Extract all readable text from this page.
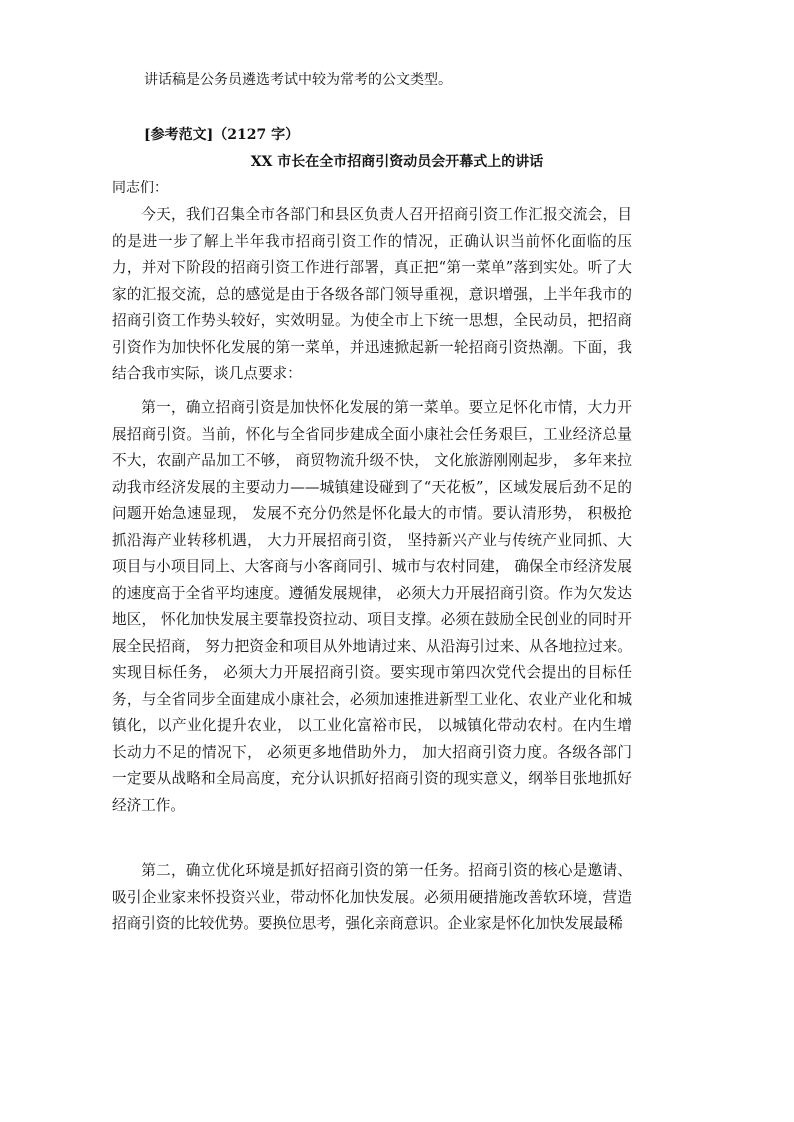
讲话稿是公务员遴选考试中较为常考的公文类型。
[参考范文]（2127 字）
XX 市长在全市招商引资动员会开幕式上的讲话
同志们：

今天，我们召集全市各部门和县区负责人召开招商引资工作汇报交流会，目的是进一步了解上半年我市招商引资工作的情况，正确认识当前怀化面临的压力，并对下阶段的招商引资工作进行部署，真正把“第一菜单”落到实处。听了大家的汇报交流，总的感觉是由于各级各部门领导重视，意识增强，上半年我市的招商引资工作势头较好，实效明显。为使全市上下统一思想，全民动员，把招商引资作为加快怀化发展的第一菜单，并迅速掀起新一轮招商引资热潮。下面，我结合我市实际，谈几点要求：

第一，确立招商引资是加快怀化发展的第一菜单。要立足怀化市情，大力开展招商引资。当前，怀化与全省同步建成全面小康社会任务艰巨，工业经济总量不大，农副产品加工不够， 商贸物流升级不快， 文化旅游刚刚起步， 多年来拉动我市经济发展的主要动力——城镇建设碰到了“天花板”，区域发展后劲不足的问题开始急速显现， 发展不充分仍然是怀化最大的市情。要认清形势， 积极抢抓沿海产业转移机遇， 大力开展招商引资， 坚持新兴产业与传统产业同抓、大项目与小项目同上、大客商与小客商同引、城市与农村同建， 确保全市经济发展的速度高于全省平均速度。遵循发展规律， 必须大力开展招商引资。作为欠发达地区， 怀化加快发展主要靠投资拉动、项目支撑。必须在鼓励全民创业的同时开展全民招商， 努力把资金和项目从外地请过来、从沿海引过来、从各地拉过来。实现目标任务， 必须大力开展招商引资。要实现市第四次党代会提出的目标任务，与全省同步全面建成小康社会，必须加速推进新型工业化、农业产业化和城镇化，以产业化提升农业， 以工业化富裕市民， 以城镇化带动农村。在内生增长动力不足的情况下， 必须更多地借助外力， 加大招商引资力度。各级各部门一定要从战略和全局高度，充分认识抓好招商引资的现实意义，纲举目张地抓好经济工作。

第二，确立优化环境是抓好招商引资的第一任务。招商引资的核心是邀请、吸引企业家来怀投资兴业，带动怀化加快发展。必须用硬措施改善软环境，营造招商引资的比较优势。要换位思考，强化亲商意识。企业家是怀化加快发展最稀
